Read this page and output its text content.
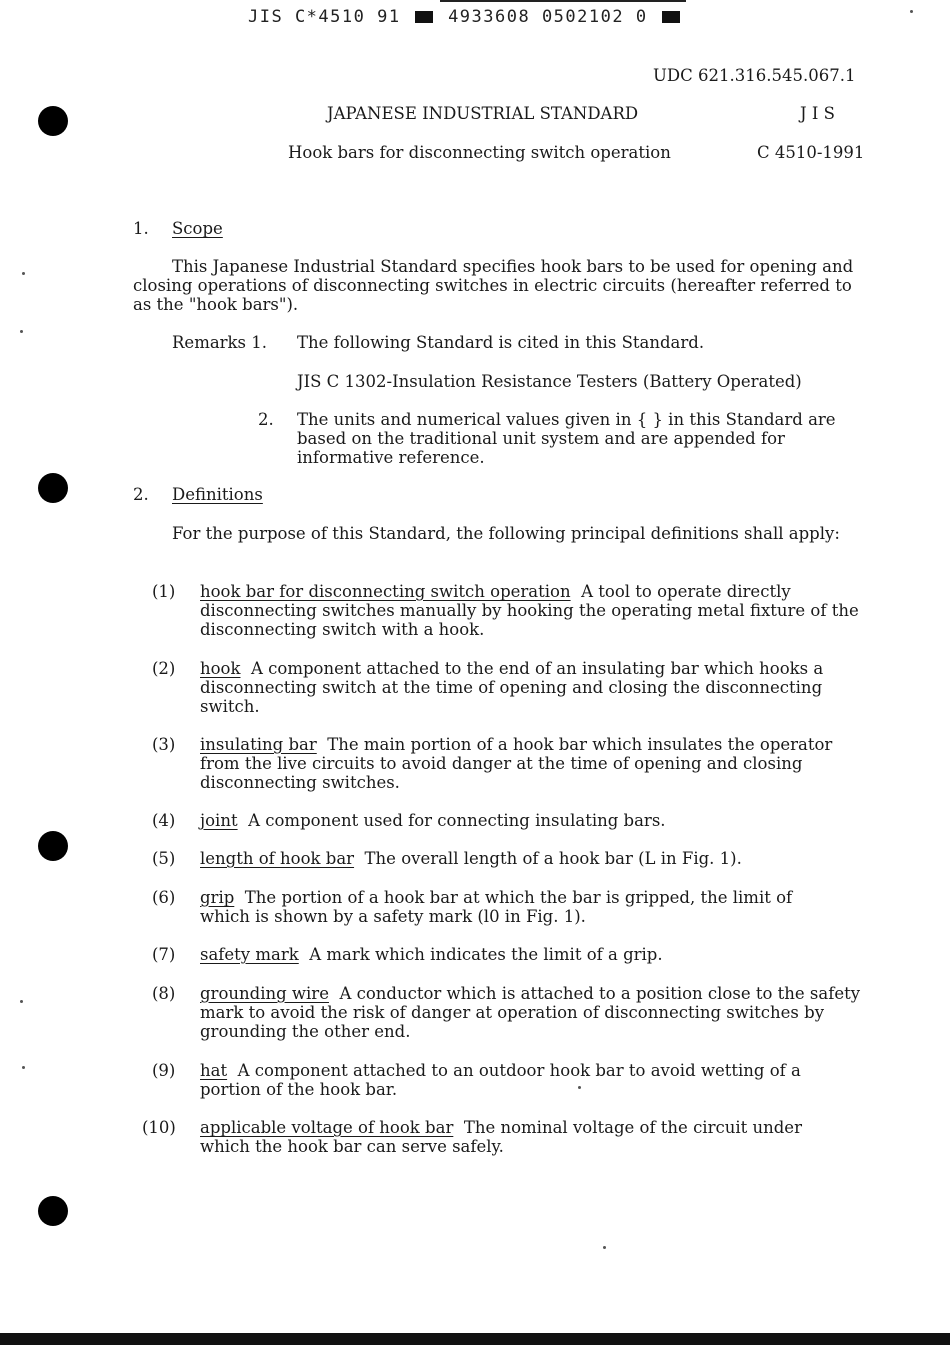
JIS C*4510 91	4933608 0502102 0
UDC 621.316.545.067.1
JAPANESE INDUSTRIAL STANDARD	J I S
Hook bars for disconnecting switch operation	C 4510-1991
1. Scope
This Japanese Industrial Standard specifies hook bars to be used for opening and closing operations of disconnecting switches in electric circuits (hereafter referred to as the "hook bars").
Remarks 1. The following Standard is cited in this Standard.
JIS C 1302-Insulation Resistance Testers (Battery Operated)
2. The units and numerical values given in { } in this Standard are based on the traditional unit system and are appended for informative reference.
2. Definitions
For the purpose of this Standard, the following principal definitions shall apply:
(1) hook bar for disconnecting switch operation A tool to operate directly disconnecting switches manually by hooking the operating metal fixture of the disconnecting switch with a hook.
(2) hook A component attached to the end of an insulating bar which hooks a disconnecting switch at the time of opening and closing the disconnecting switch.
(3) insulating bar The main portion of a hook bar which insulates the operator from the live circuits to avoid danger at the time of opening and closing disconnecting switches.
(4) joint A component used for connecting insulating bars.
(5) length of hook bar The overall length of a hook bar (L in Fig. 1).
(6) grip The portion of a hook bar at which the bar is gripped, the limit of which is shown by a safety mark (l0 in Fig. 1).
(7) safety mark A mark which indicates the limit of a grip.
(8) grounding wire A conductor which is attached to a position close to the safety mark to avoid the risk of danger at operation of disconnecting switches by grounding the other end.
(9) hat A component attached to an outdoor hook bar to avoid wetting of a portion of the hook bar.
(10) applicable voltage of hook bar The nominal voltage of the circuit under which the hook bar can serve safely.
